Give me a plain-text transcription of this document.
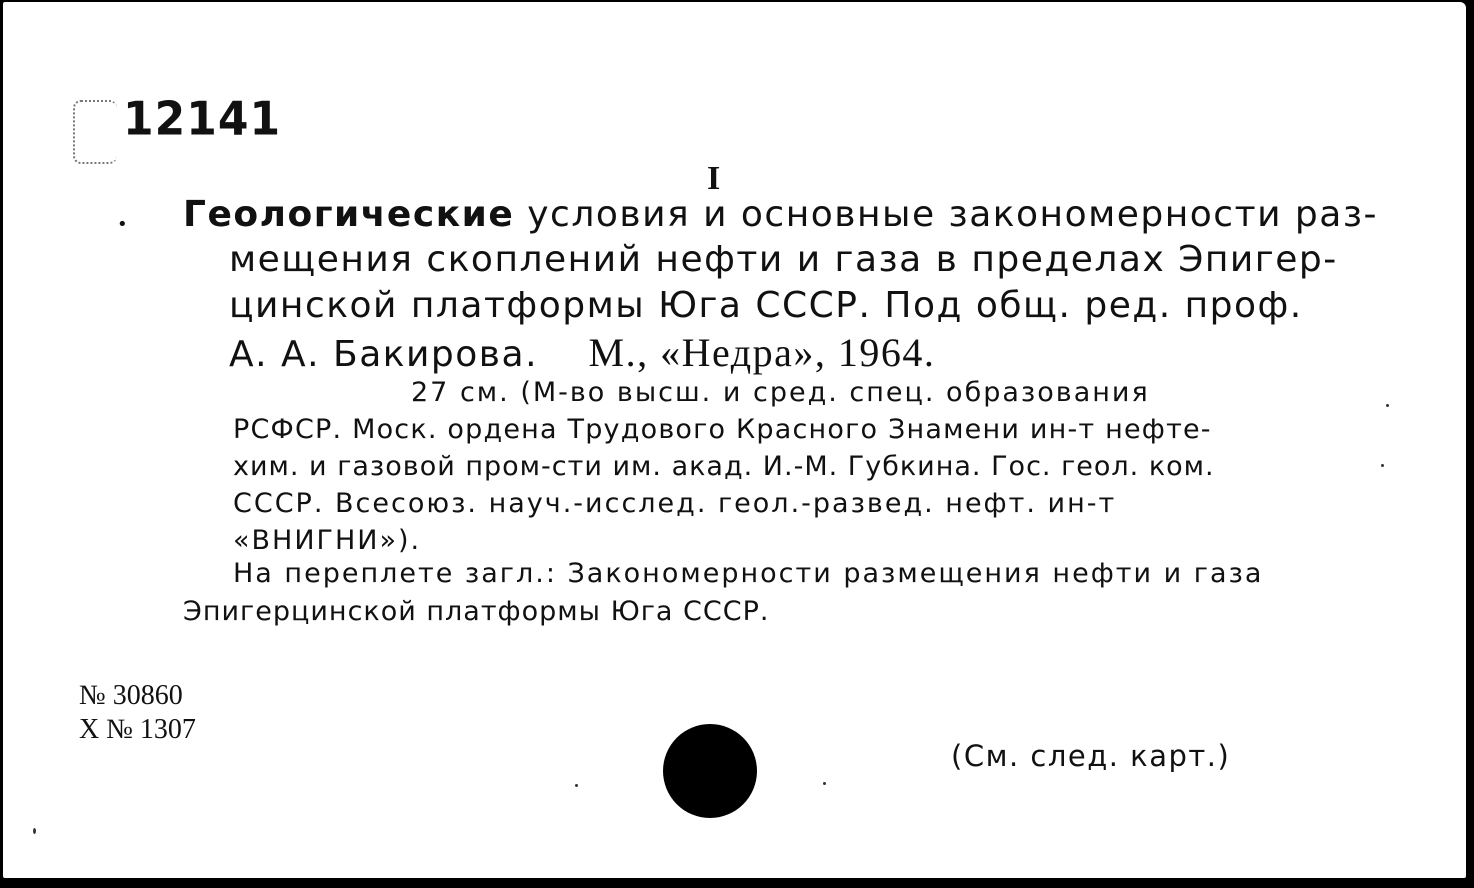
12141
I
• Геологические условия и основные закономерности раз-
мещения скоплений нефти и газа в пределах Эпигер-
цинской платформы Юга СССР. Под общ. ред. проф.
А. А. Бакирова. М., «Недра», 1964.
27 см. (М-во высш. и сред. спец. образования
РСФСР. Моск. ордена Трудового Красного Знамени ин-т нефте-
хим. и газовой пром-сти им. акад. И.-М. Губкина. Гос. геол. ком.
СССР. Всесоюз. науч.-исслед. геол.-развед. нефт. ин-т
«ВНИГНИ»).
На переплете загл.: Закономерности размещения нефти и газа
Эпигерцинской платформы Юга СССР.
№ 30860
Х № 1307
(См. след. карт.)
